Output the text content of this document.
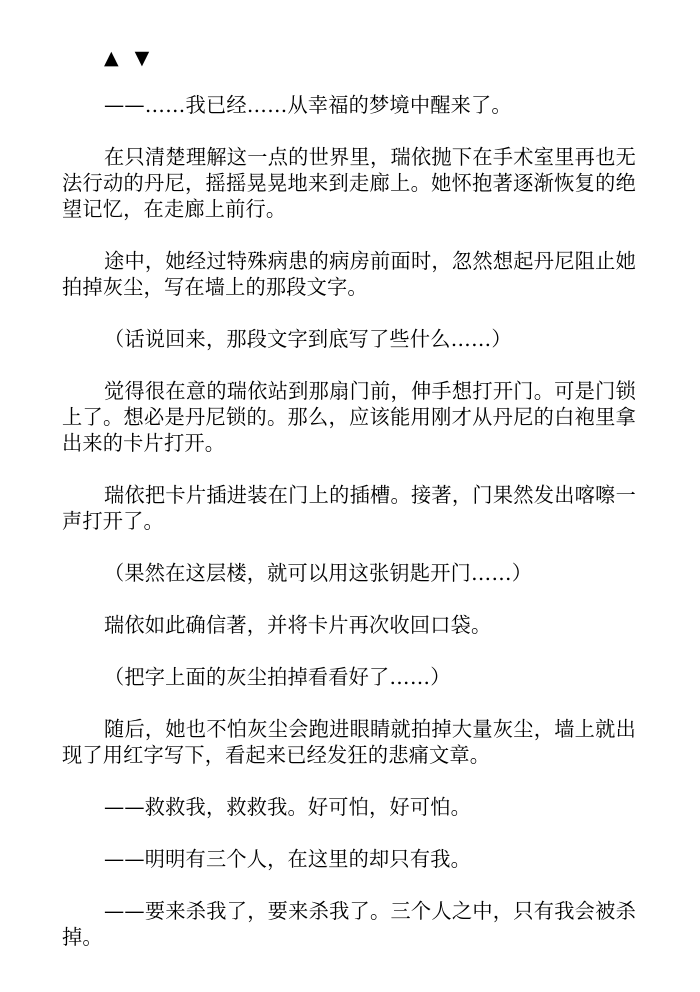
▲ ▼

——……我已经……从幸福的梦境中醒来了。

在只清楚理解这一点的世界里，瑞依抛下在手术室里再也无法行动的丹尼，摇摇晃晃地来到走廊上。她怀抱著逐渐恢复的绝望记忆，在走廊上前行。

途中，她经过特殊病患的病房前面时，忽然想起丹尼阻止她拍掉灰尘，写在墙上的那段文字。

（话说回来，那段文字到底写了些什么……）

觉得很在意的瑞依站到那扇门前，伸手想打开门。可是门锁上了。想必是丹尼锁的。那么，应该能用刚才从丹尼的白袍里拿出来的卡片打开。

瑞依把卡片插进装在门上的插槽。接著，门果然发出喀嚓一声打开了。

（果然在这层楼，就可以用这张钥匙开门……）

瑞依如此确信著，并将卡片再次收回口袋。

（把字上面的灰尘拍掉看看好了……）

随后，她也不怕灰尘会跑进眼睛就拍掉大量灰尘，墙上就出现了用红字写下，看起来已经发狂的悲痛文章。

——救救我，救救我。好可怕，好可怕。

——明明有三个人，在这里的却只有我。

——要来杀我了，要来杀我了。三个人之中，只有我会被杀掉。
